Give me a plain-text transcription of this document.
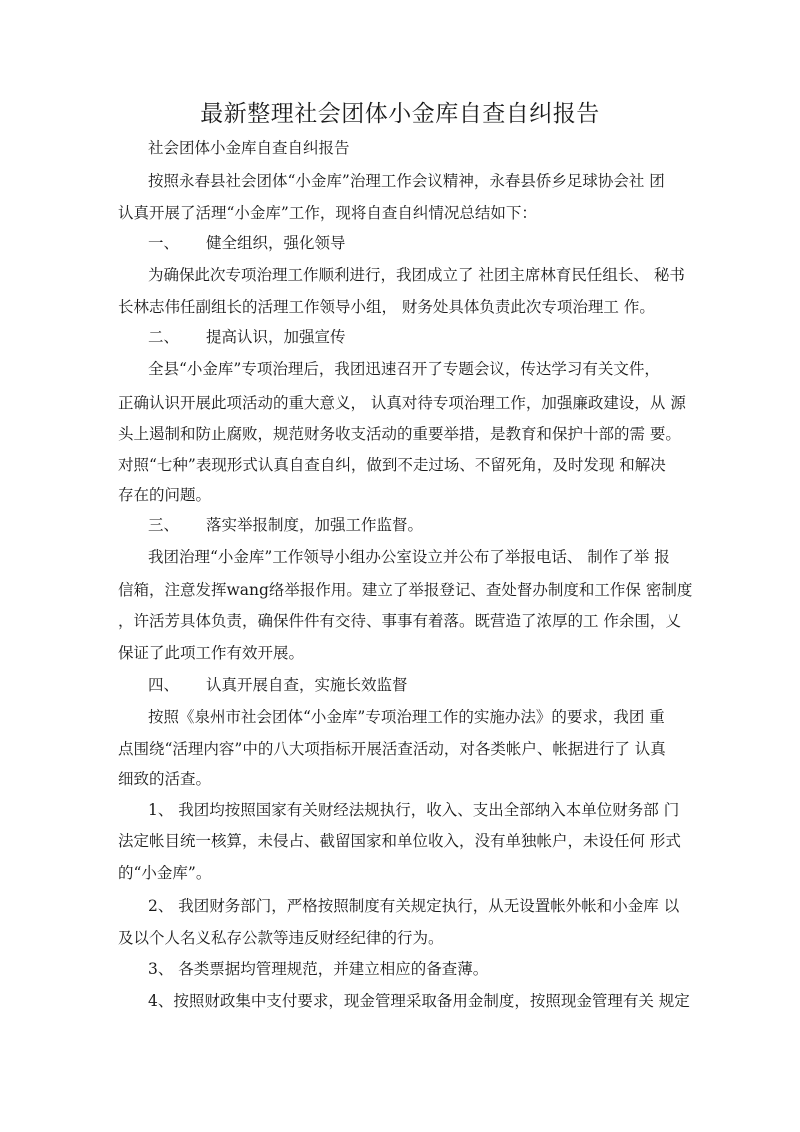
最新整理社会团体小金库自查自纠报告

社会团体小金库自查自纠报告

按照永春县社会团体“小金库”治理工作会议精神，永春县侨乡足球协会社 团

认真开展了活理“小金库”工作，现将自查自纠情况总结如下：

一、 健全组织，强化领导

为确保此次专项治理工作顺利进行，我团成立了 社团主席林育民任组长、 秘书

长林志伟任副组长的活理工作领导小组， 财务处具体负责此次专项治理工 作。

二、 提高认识，加强宣传

全县“小金库”专项治理后，我团迅速召开了专题会议，传达学习有关文件，

正确认识开展此项活动的重大意义， 认真对待专项治理工作，加强廉政建设，从 源

头上遏制和防止腐败，规范财务收支活动的重要举措，是教育和保护十部的需 要。

对照“七种”表现形式认真自查自纠，做到不走过场、不留死角，及时发现 和解决

存在的问题。

三、 落实举报制度，加强工作监督。

我团治理“小金库”工作领导小组办公室设立并公布了举报电话、 制作了举 报

信箱，注意发挥wang络举报作用。建立了举报登记、查处督办制度和工作保 密制度

，许活芳具体负责，确保件件有交待、事事有着落。既营造了浓厚的工 作余围，乂

保证了此项工作有效开展。

四、 认真开展自查，实施长效监督

按照《泉州市社会团体“小金库”专项治理工作的实施办法》的要求，我团 重

点围绕“活理内容”中的八大项指标开展活查活动，对各类帐户、帐据进行了 认真

细致的活查。

1、 我团均按照国家有关财经法规执行，收入、支出全部纳入本单位财务部 门

法定帐目统一核算，未侵占、截留国家和单位收入，没有单独帐户，未设任何 形式

的“小金库”。

2、 我团财务部门，严格按照制度有关规定执行，从无设置帐外帐和小金库 以

及以个人名义私存公款等违反财经纪律的行为。

3、 各类票据均管理规范，并建立相应的备查薄。

4、按照财政集中支付要求，现金管理采取备用金制度，按照现金管理有关 规定
